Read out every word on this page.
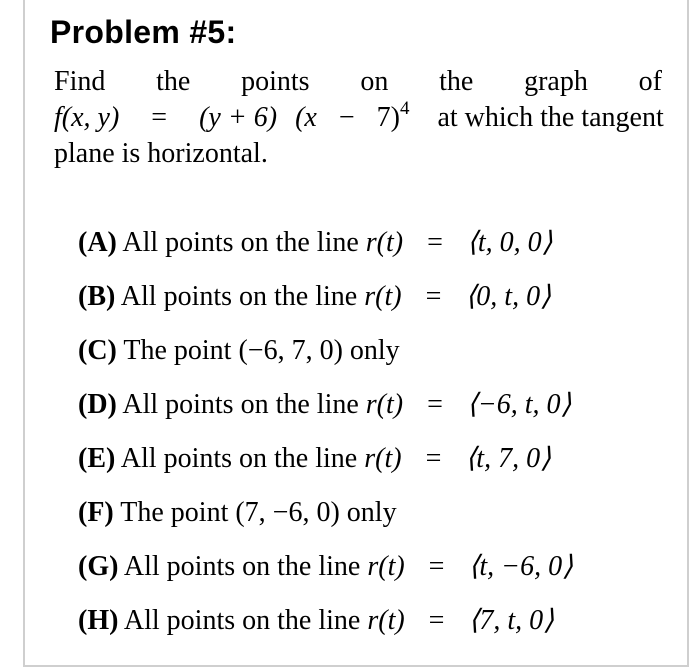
Problem #5:
Find the points on the graph of
f(x, y) = (y + 6) $(x - 7)^4$ at which the tangent
plane is horizontal.
(A) All points on the line r(t) = ⟨t, 0, 0⟩
(B) All points on the line r(t) = ⟨0, t, 0⟩
(C) The point (−6, 7, 0) only
(D) All points on the line r(t) = ⟨−6, t, 0⟩
(E) All points on the line r(t) = ⟨t, 7, 0⟩
(F) The point (7, −6, 0) only
(G) All points on the line r(t) = ⟨t, −6, 0⟩
(H) All points on the line r(t) = ⟨7, t, 0⟩
